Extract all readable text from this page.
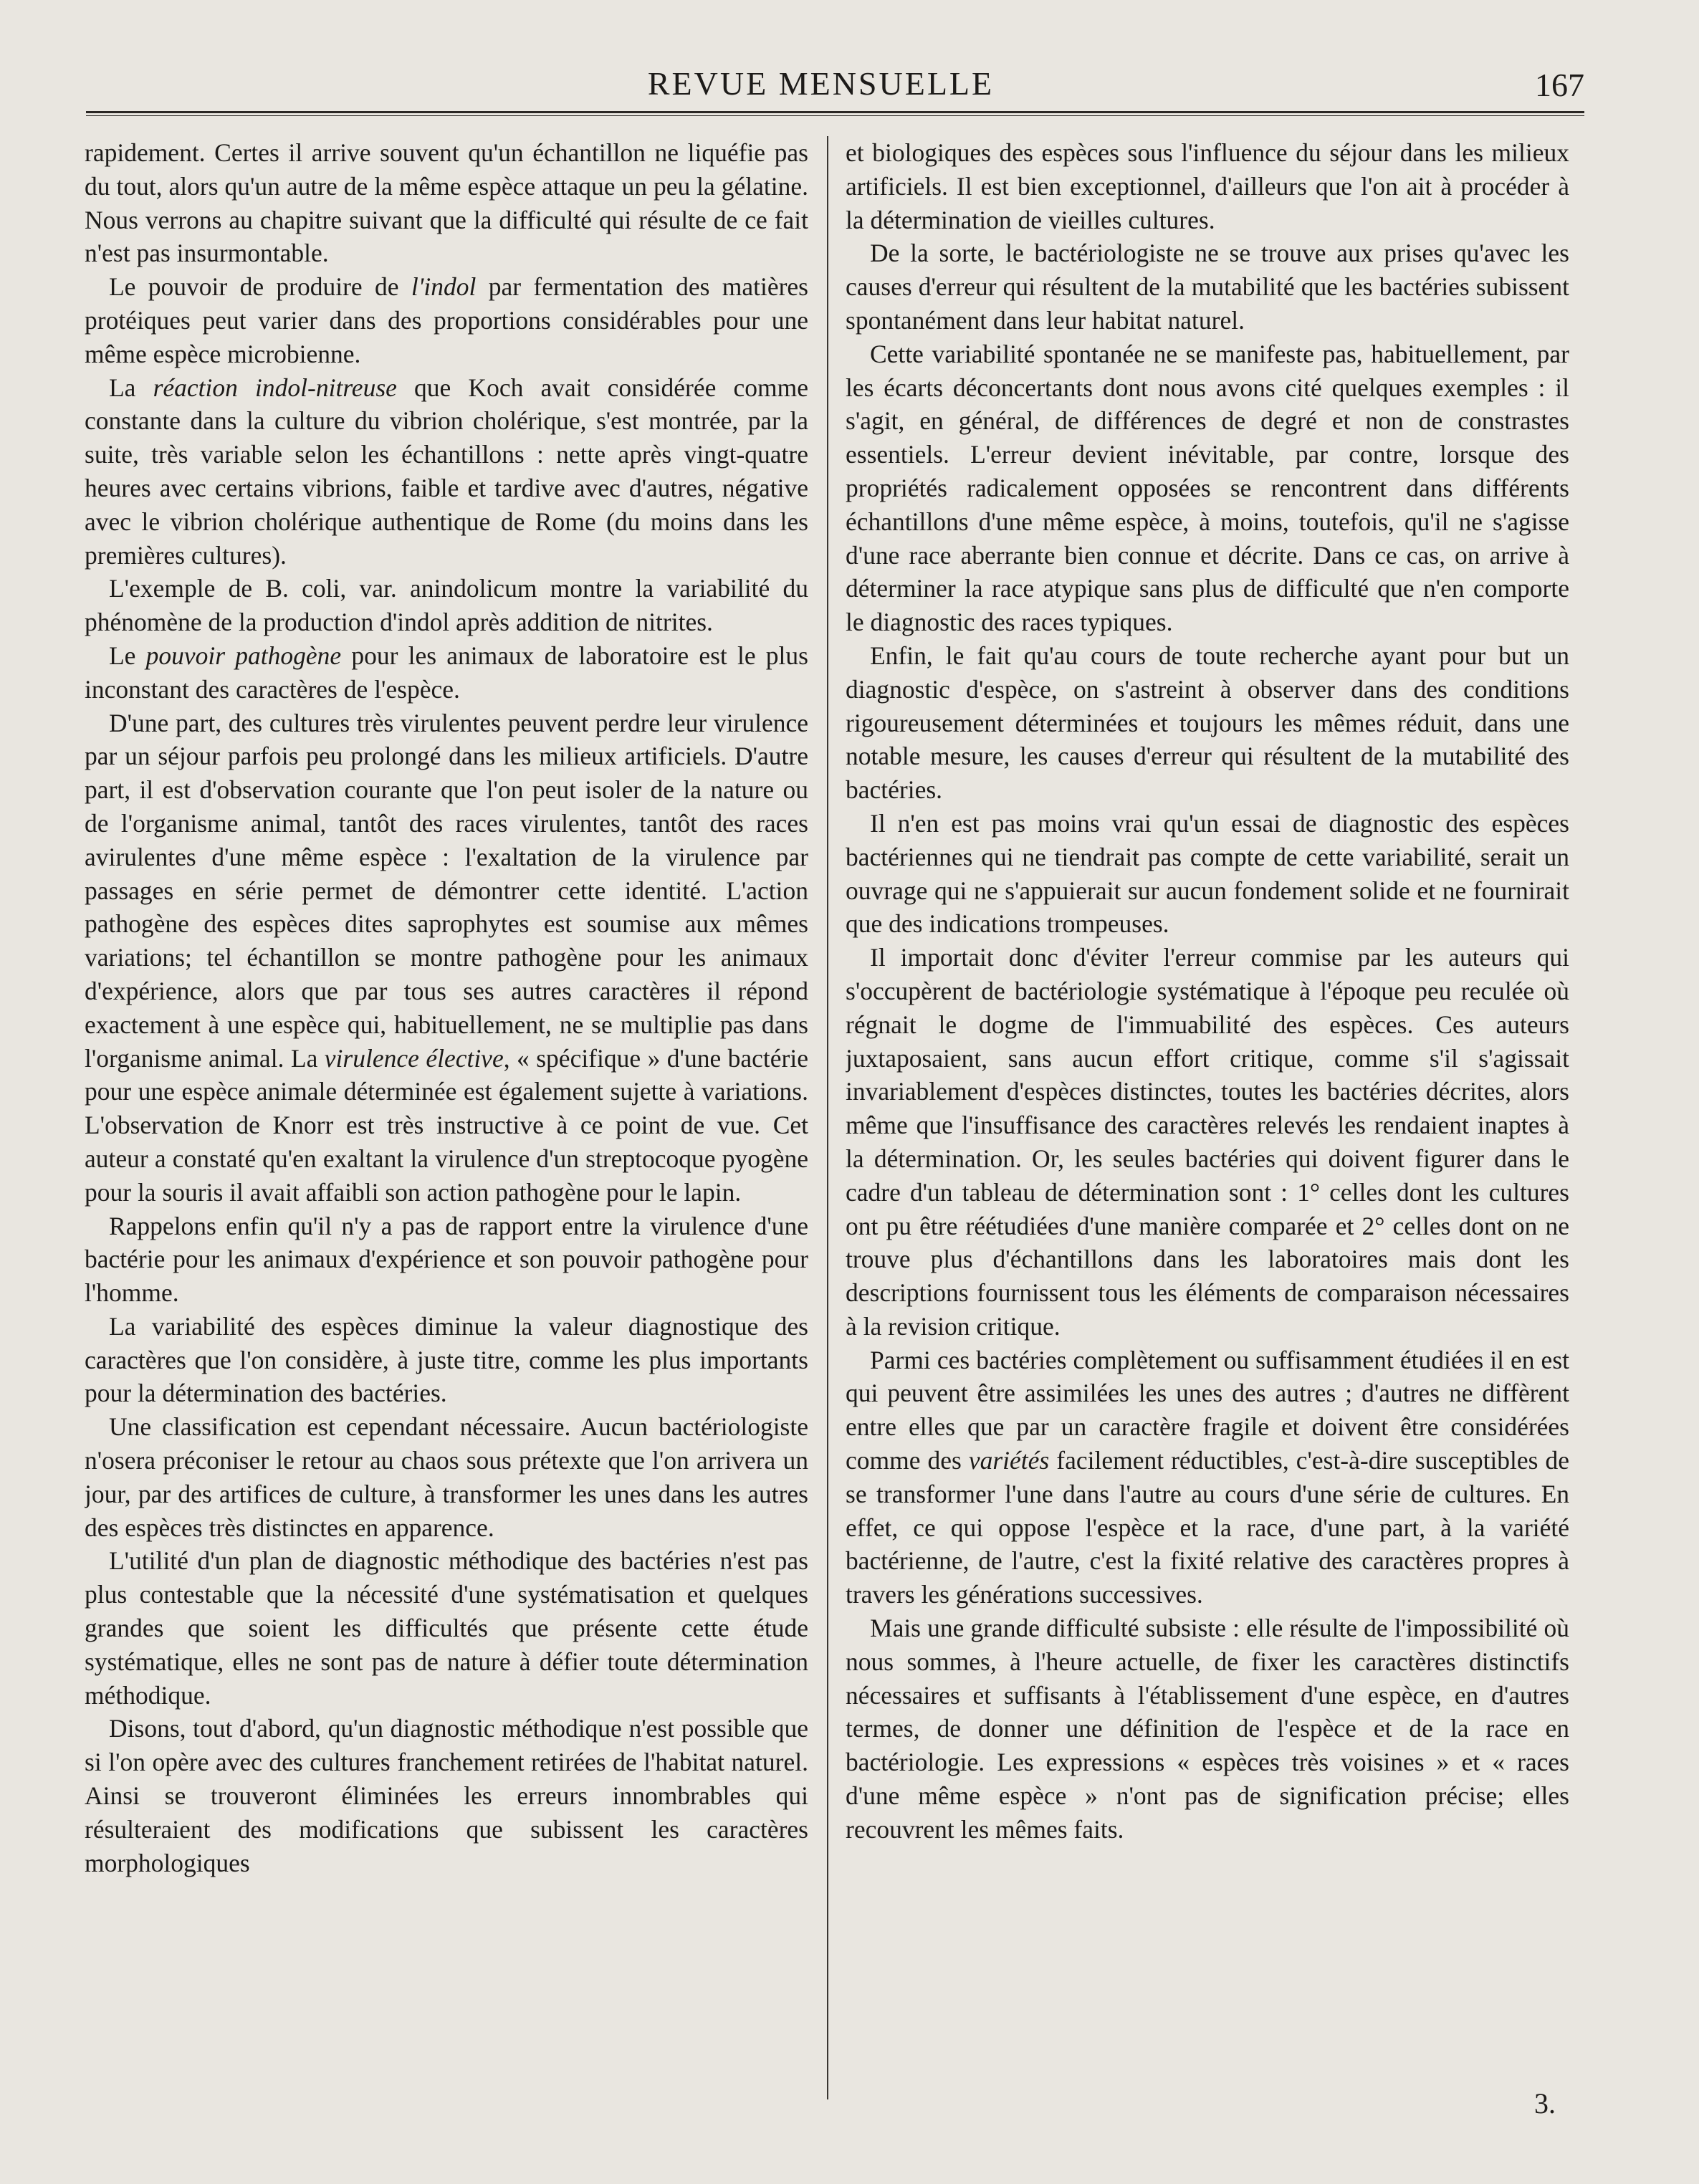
REVUE MENSUELLE	167

rapidement. Certes il arrive souvent qu'un échantillon ne liquéfie pas du tout, alors qu'un autre de la même espèce attaque un peu la gélatine. Nous verrons au chapitre suivant que la difficulté qui résulte de ce fait n'est pas insurmontable.

Le pouvoir de produire de l'indol par fermentation des matières protéiques peut varier dans des proportions considérables pour une même espèce microbienne.

La réaction indol-nitreuse que Koch avait considérée comme constante dans la culture du vibrion cholérique, s'est montrée, par la suite, très variable selon les échantillons : nette après vingt-quatre heures avec certains vibrions, faible et tardive avec d'autres, négative avec le vibrion cholérique authentique de Rome (du moins dans les premières cultures).

L'exemple de B. coli, var. anindolicum montre la variabilité du phénomène de la production d'indol après addition de nitrites.

Le pouvoir pathogène pour les animaux de laboratoire est le plus inconstant des caractères de l'espèce.

D'une part, des cultures très virulentes peuvent perdre leur virulence par un séjour parfois peu prolongé dans les milieux artificiels. D'autre part, il est d'observation courante que l'on peut isoler de la nature ou de l'organisme animal, tantôt des races virulentes, tantôt des races avirulentes d'une même espèce : l'exaltation de la virulence par passages en série permet de démontrer cette identité. L'action pathogène des espèces dites saprophytes est soumise aux mêmes variations; tel échantillon se montre pathogène pour les animaux d'expérience, alors que par tous ses autres caractères il répond exactement à une espèce qui, habituellement, ne se multiplie pas dans l'organisme animal. La virulence élective, « spécifique » d'une bactérie pour une espèce animale déterminée est également sujette à variations. L'observation de Knorr est très instructive à ce point de vue. Cet auteur a constaté qu'en exaltant la virulence d'un streptocoque pyogène pour la souris il avait affaibli son action pathogène pour le lapin.

Rappelons enfin qu'il n'y a pas de rapport entre la virulence d'une bactérie pour les animaux d'expérience et son pouvoir pathogène pour l'homme.

La variabilité des espèces diminue la valeur diagnostique des caractères que l'on considère, à juste titre, comme les plus importants pour la détermination des bactéries.

Une classification est cependant nécessaire. Aucun bactériologiste n'osera préconiser le retour au chaos sous prétexte que l'on arrivera un jour, par des artifices de culture, à transformer les unes dans les autres des espèces très distinctes en apparence.

L'utilité d'un plan de diagnostic méthodique des bactéries n'est pas plus contestable que la nécessité d'une systématisation et quelques grandes que soient les difficultés que présente cette étude systématique, elles ne sont pas de nature à défier toute détermination méthodique.

Disons, tout d'abord, qu'un diagnostic méthodique n'est possible que si l'on opère avec des cultures franchement retirées de l'habitat naturel. Ainsi se trouveront éliminées les erreurs innombrables qui résulteraient des modifications que subissent les caractères morphologiques

et biologiques des espèces sous l'influence du séjour dans les milieux artificiels. Il est bien exceptionnel, d'ailleurs que l'on ait à procéder à la détermination de vieilles cultures.

De la sorte, le bactériologiste ne se trouve aux prises qu'avec les causes d'erreur qui résultent de la mutabilité que les bactéries subissent spontanément dans leur habitat naturel.

Cette variabilité spontanée ne se manifeste pas, habituellement, par les écarts déconcertants dont nous avons cité quelques exemples : il s'agit, en général, de différences de degré et non de constrastes essentiels. L'erreur devient inévitable, par contre, lorsque des propriétés radicalement opposées se rencontrent dans différents échantillons d'une même espèce, à moins, toutefois, qu'il ne s'agisse d'une race aberrante bien connue et décrite. Dans ce cas, on arrive à déterminer la race atypique sans plus de difficulté que n'en comporte le diagnostic des races typiques.

Enfin, le fait qu'au cours de toute recherche ayant pour but un diagnostic d'espèce, on s'astreint à observer dans des conditions rigoureusement déterminées et toujours les mêmes réduit, dans une notable mesure, les causes d'erreur qui résultent de la mutabilité des bactéries.

Il n'en est pas moins vrai qu'un essai de diagnostic des espèces bactériennes qui ne tiendrait pas compte de cette variabilité, serait un ouvrage qui ne s'appuierait sur aucun fondement solide et ne fournirait que des indications trompeuses.

Il importait donc d'éviter l'erreur commise par les auteurs qui s'occupèrent de bactériologie systématique à l'époque peu reculée où régnait le dogme de l'immuabilité des espèces. Ces auteurs juxtaposaient, sans aucun effort critique, comme s'il s'agissait invariablement d'espèces distinctes, toutes les bactéries décrites, alors même que l'insuffisance des caractères relevés les rendaient inaptes à la détermination. Or, les seules bactéries qui doivent figurer dans le cadre d'un tableau de détermination sont : 1° celles dont les cultures ont pu être réétudiées d'une manière comparée et 2° celles dont on ne trouve plus d'échantillons dans les laboratoires mais dont les descriptions fournissent tous les éléments de comparaison nécessaires à la revision critique.

Parmi ces bactéries complètement ou suffisamment étudiées il en est qui peuvent être assimilées les unes des autres ; d'autres ne diffèrent entre elles que par un caractère fragile et doivent être considérées comme des variétés facilement réductibles, c'est-à-dire susceptibles de se transformer l'une dans l'autre au cours d'une série de cultures. En effet, ce qui oppose l'espèce et la race, d'une part, à la variété bactérienne, de l'autre, c'est la fixité relative des caractères propres à travers les générations successives.

Mais une grande difficulté subsiste : elle résulte de l'impossibilité où nous sommes, à l'heure actuelle, de fixer les caractères distinctifs nécessaires et suffisants à l'établissement d'une espèce, en d'autres termes, de donner une définition de l'espèce et de la race en bactériologie. Les expressions « espèces très voisines » et « races d'une même espèce » n'ont pas de signification précise; elles recouvrent les mêmes faits.

3.
